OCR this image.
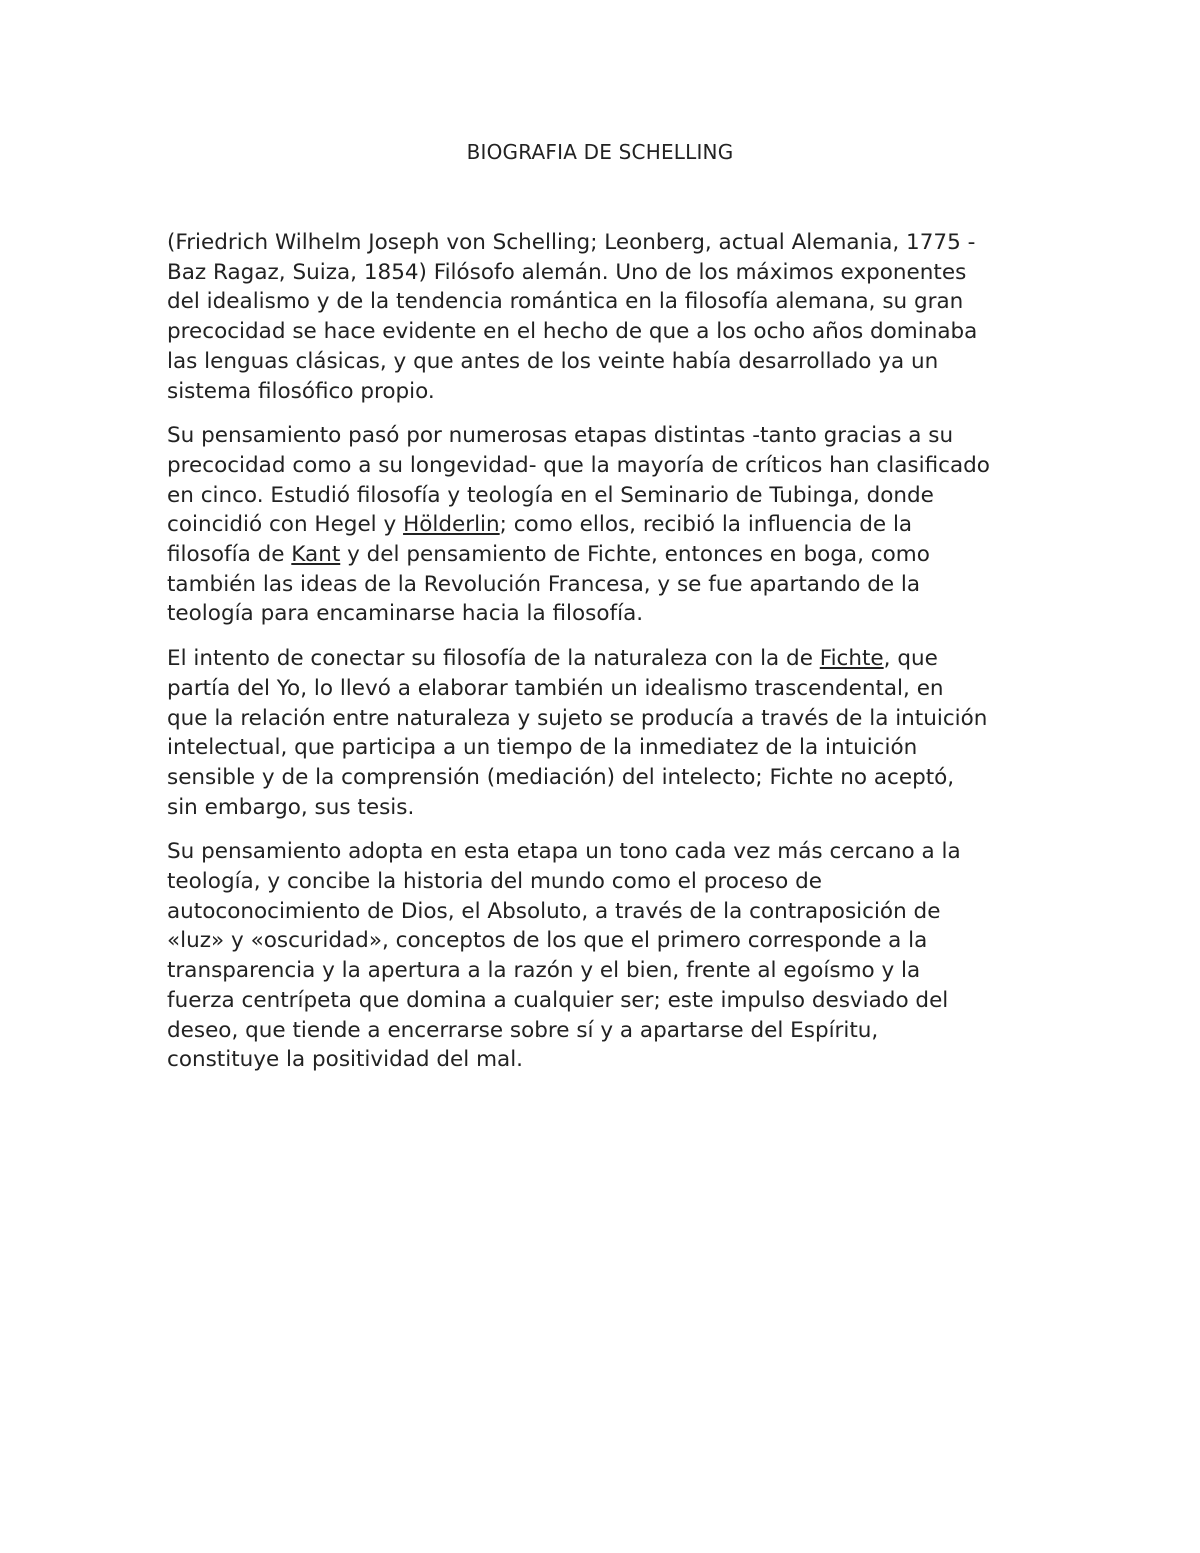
BIOGRAFIA DE SCHELLING

(Friedrich Wilhelm Joseph von Schelling; Leonberg, actual Alemania, 1775 -
Baz Ragaz, Suiza, 1854) Filósofo alemán. Uno de los máximos exponentes
del idealismo y de la tendencia romántica en la filosofía alemana, su gran
precocidad se hace evidente en el hecho de que a los ocho años dominaba
las lenguas clásicas, y que antes de los veinte había desarrollado ya un
sistema filosófico propio.

Su pensamiento pasó por numerosas etapas distintas -tanto gracias a su
precocidad como a su longevidad- que la mayoría de críticos han clasificado
en cinco. Estudió filosofía y teología en el Seminario de Tubinga, donde
coincidió con Hegel y Hölderlin; como ellos, recibió la influencia de la
filosofía de Kant y del pensamiento de Fichte, entonces en boga, como
también las ideas de la Revolución Francesa, y se fue apartando de la
teología para encaminarse hacia la filosofía.

El intento de conectar su filosofía de la naturaleza con la de Fichte, que
partía del Yo, lo llevó a elaborar también un idealismo trascendental, en
que la relación entre naturaleza y sujeto se producía a través de la intuición
intelectual, que participa a un tiempo de la inmediatez de la intuición
sensible y de la comprensión (mediación) del intelecto; Fichte no aceptó,
sin embargo, sus tesis.

Su pensamiento adopta en esta etapa un tono cada vez más cercano a la
teología, y concibe la historia del mundo como el proceso de
autoconocimiento de Dios, el Absoluto, a través de la contraposición de
«luz» y «oscuridad», conceptos de los que el primero corresponde a la
transparencia y la apertura a la razón y el bien, frente al egoísmo y la
fuerza centrípeta que domina a cualquier ser; este impulso desviado del
deseo, que tiende a encerrarse sobre sí y a apartarse del Espíritu,
constituye la positividad del mal.
